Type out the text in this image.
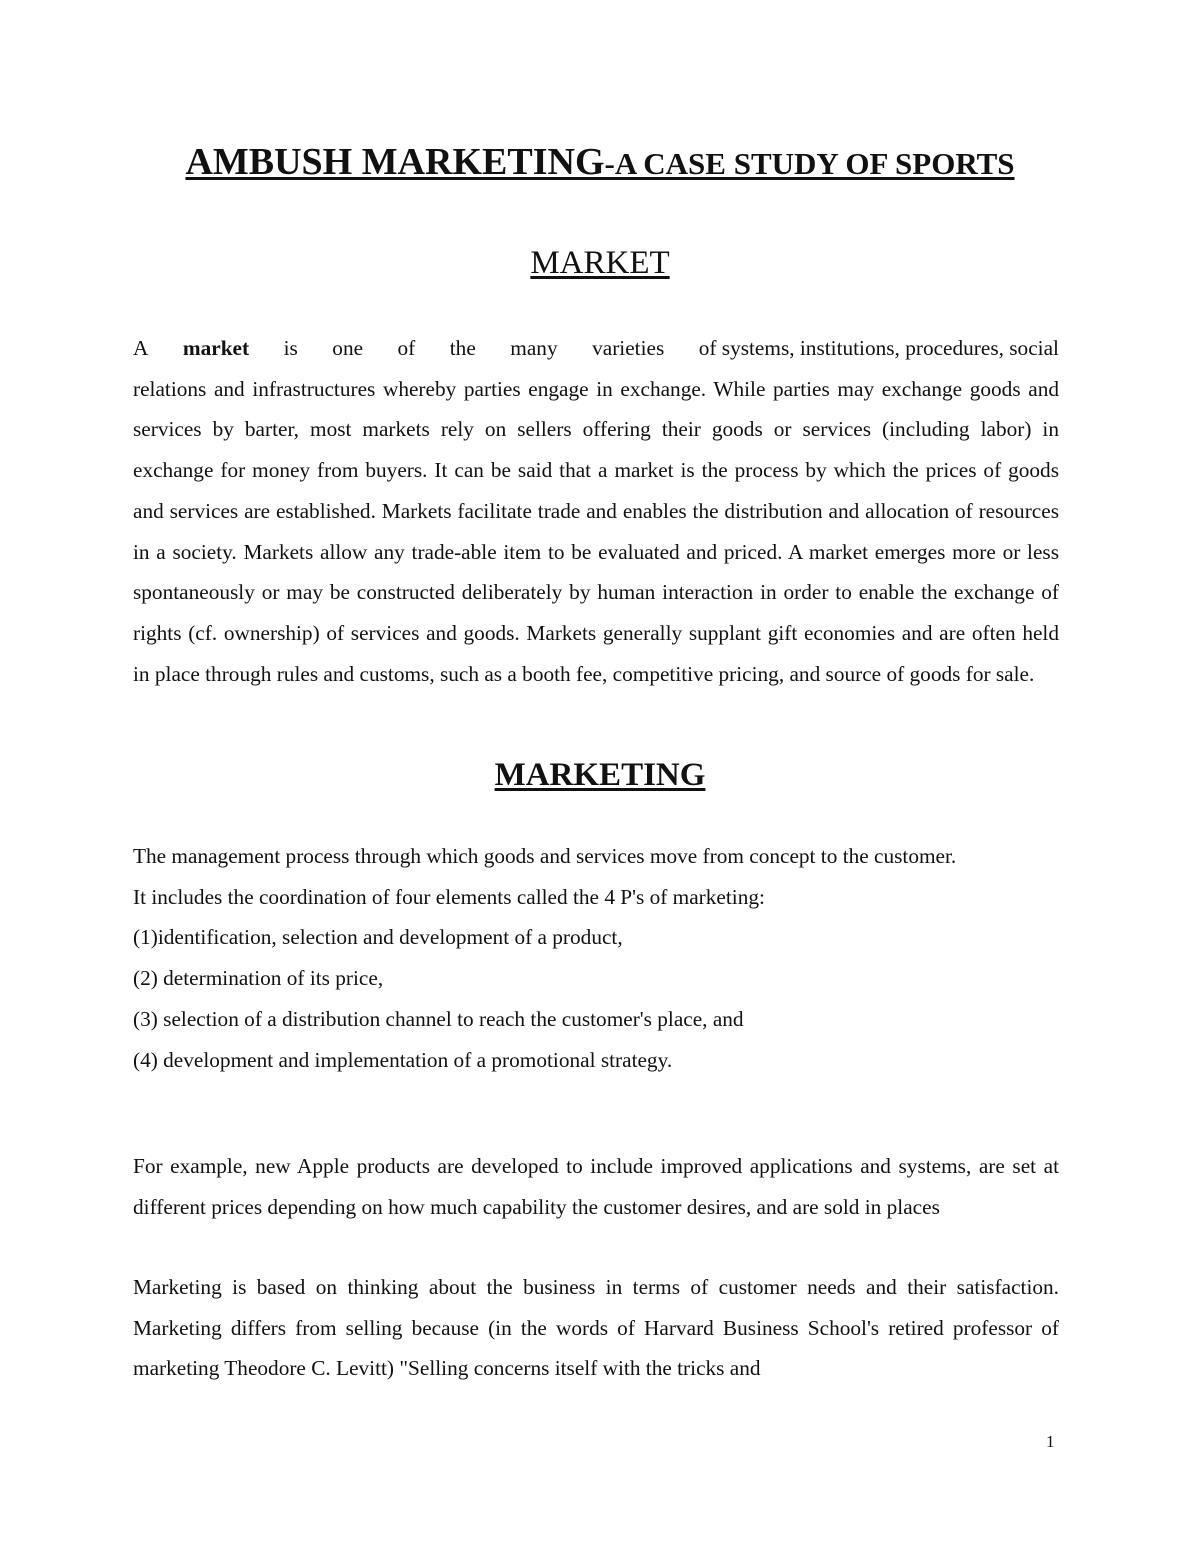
AMBUSH MARKETING-A CASE STUDY OF SPORTS
MARKET
A market is one of the many varieties of systems, institutions, procedures, social
relations and infrastructures whereby parties engage in exchange. While parties may exchange goods and services by barter, most markets rely on sellers offering their goods or services (including labor) in exchange for money from buyers. It can be said that a market is the process by which the prices of goods and services are established. Markets facilitate trade and enables the distribution and allocation of resources in a society. Markets allow any trade-able item to be evaluated and priced. A market emerges more or less spontaneously or may be constructed deliberately by human interaction in order to enable the exchange of rights (cf. ownership) of services and goods. Markets generally supplant gift economies and are often held in place through rules and customs, such as a booth fee, competitive pricing, and source of goods for sale.
MARKETING
The management process through which goods and services move from concept to the customer.
It includes the coordination of four elements called the 4 P's of marketing:
(1)identification, selection and development of a product,
(2) determination of its price,
(3) selection of a distribution channel to reach the customer's place, and
(4) development and implementation of a promotional strategy.

For example, new Apple products are developed to include improved applications and systems, are set at different prices depending on how much capability the customer desires, and are sold in places

Marketing is based on thinking about the business in terms of customer needs and their satisfaction. Marketing differs from selling because (in the words of Harvard Business School's retired professor of marketing Theodore C. Levitt) "Selling concerns itself with the tricks and

1
